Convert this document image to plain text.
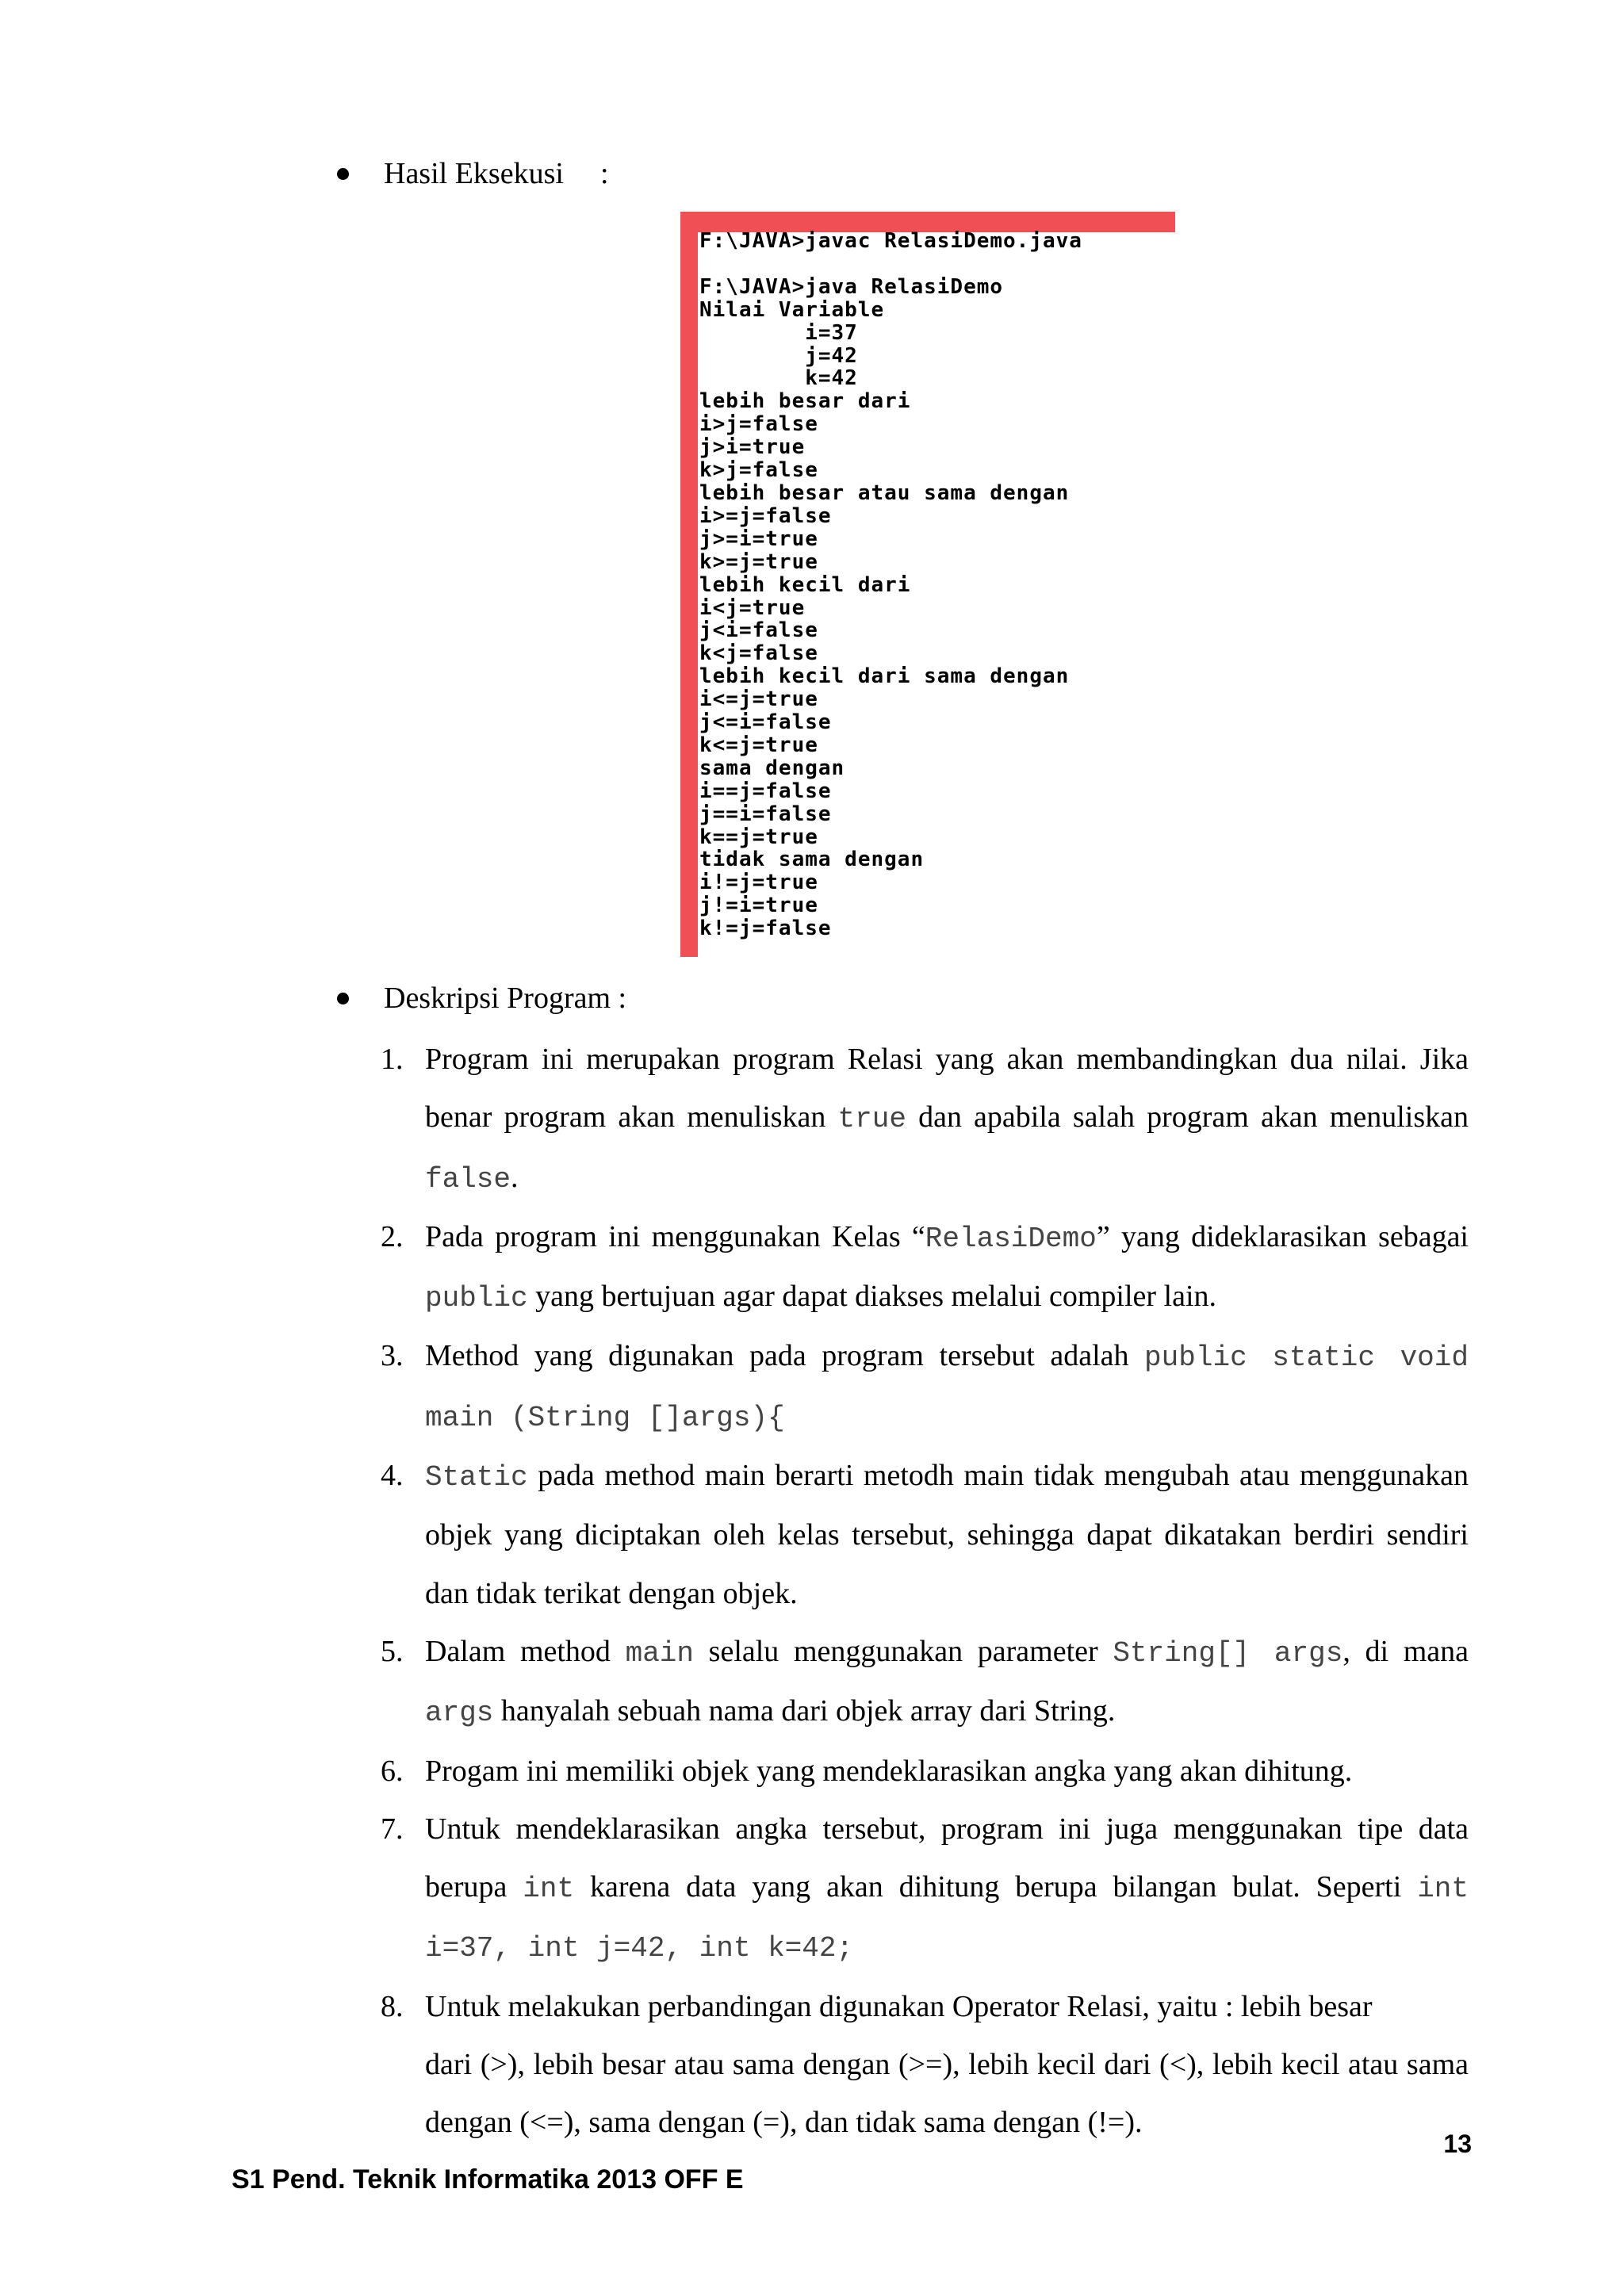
Hasil Eksekusi :
F:\JAVA>javac RelasiDemo.java

F:\JAVA>java RelasiDemo
Nilai Variable
i=37
j=42
k=42
lebih besar dari
i>j=false
j>i=true
k>j=false
lebih besar atau sama dengan
i>=j=false
j>=i=true
k>=j=true
lebih kecil dari
i<j=true
j<i=false
k<j=false
lebih kecil dari sama dengan
i<=j=true
j<=i=false
k<=j=true
sama dengan
i==j=false
j==i=false
k==j=true
tidak sama dengan
i!=j=true
j!=i=true
k!=j=false
Deskripsi Program :
1. Program ini merupakan program Relasi yang akan membandingkan dua nilai. Jika benar program akan menuliskan true dan apabila salah program akan menuliskan false.
2. Pada program ini menggunakan Kelas “RelasiDemo” yang dideklarasikan sebagai public yang bertujuan agar dapat diakses melalui compiler lain.
3. Method yang digunakan pada program tersebut adalah public static void main (String []args){
4. Static pada method main berarti metodh main tidak mengubah atau menggunakan objek yang diciptakan oleh kelas tersebut, sehingga dapat dikatakan berdiri sendiri dan tidak terikat dengan objek.
5. Dalam method main selalu menggunakan parameter String[] args, di mana args hanyalah sebuah nama dari objek array dari String.
6. Progam ini memiliki objek yang mendeklarasikan angka yang akan dihitung.
7. Untuk mendeklarasikan angka tersebut, program ini juga menggunakan tipe data berupa int karena data yang akan dihitung berupa bilangan bulat. Seperti int i=37, int j=42, int k=42;
8. Untuk melakukan perbandingan digunakan Operator Relasi, yaitu : lebih besar
dari (>), lebih besar atau sama dengan (>=), lebih kecil dari (<), lebih kecil atau sama dengan (<=), sama dengan (=), dan tidak sama dengan (!=).
13
S1 Pend. Teknik Informatika 2013 OFF E
